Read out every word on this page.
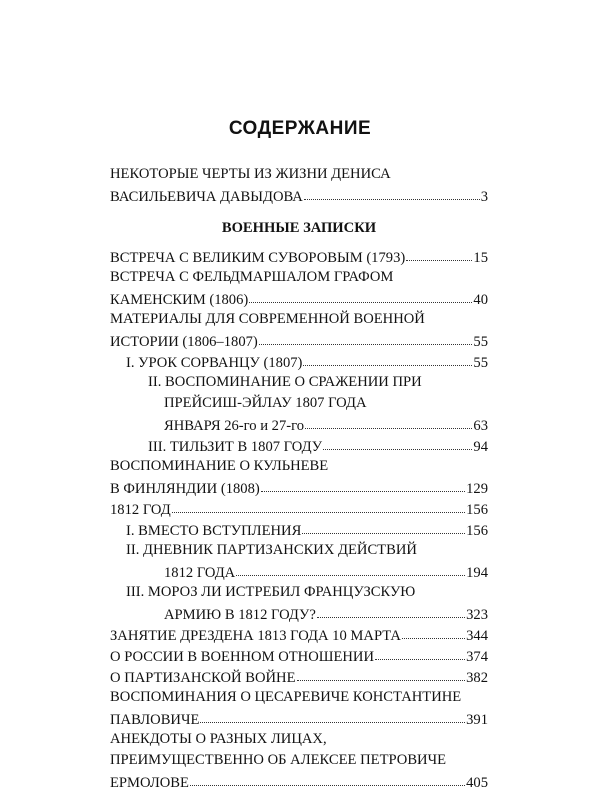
СОДЕРЖАНИЕ
НЕКОТОРЫЕ ЧЕРТЫ ИЗ ЖИЗНИ ДЕНИСА
ВАСИЛЬЕВИЧА ДАВЫДОВА	3
ВОЕННЫЕ ЗАПИСКИ
ВСТРЕЧА С ВЕЛИКИМ СУВОРОВЫМ (1793)	15
ВСТРЕЧА С ФЕЛЬДМАРШАЛОМ ГРАФОМ
КАМЕНСКИМ (1806)	40
МАТЕРИАЛЫ ДЛЯ СОВРЕМЕННОЙ ВОЕННОЙ
ИСТОРИИ (1806–1807)	55
I. УРОК СОРВАНЦУ (1807)	55
II. ВОСПОМИНАНИЕ О СРАЖЕНИИ ПРИ
ПРЕЙСИШ-ЭЙЛАУ 1807 ГОДА
ЯНВАРЯ 26-го и 27-го	63
III. ТИЛЬЗИТ В 1807 ГОДУ	94
ВОСПОМИНАНИЕ О КУЛЬНЕВЕ
В ФИНЛЯНДИИ (1808)	129
1812 ГОД	156
I. ВМЕСТО ВСТУПЛЕНИЯ	156
II. ДНЕВНИК ПАРТИЗАНСКИХ ДЕЙСТВИЙ
1812 ГОДА	194
III. МОРОЗ ЛИ ИСТРЕБИЛ ФРАНЦУЗСКУЮ
АРМИЮ В 1812 ГОДУ?	323
ЗАНЯТИЕ ДРЕЗДЕНА 1813 ГОДА 10 МАРТА	344
О РОССИИ В ВОЕННОМ ОТНОШЕНИИ	374
О ПАРТИЗАНСКОЙ ВОЙНЕ	382
ВОСПОМИНАНИЯ О ЦЕСАРЕВИЧЕ КОНСТАНТИНЕ
ПАВЛОВИЧЕ	391
АНЕКДОТЫ О РАЗНЫХ ЛИЦАХ,
ПРЕИМУЩЕСТВЕННО ОБ АЛЕКСЕЕ ПЕТРОВИЧЕ
ЕРМОЛОВЕ	405
